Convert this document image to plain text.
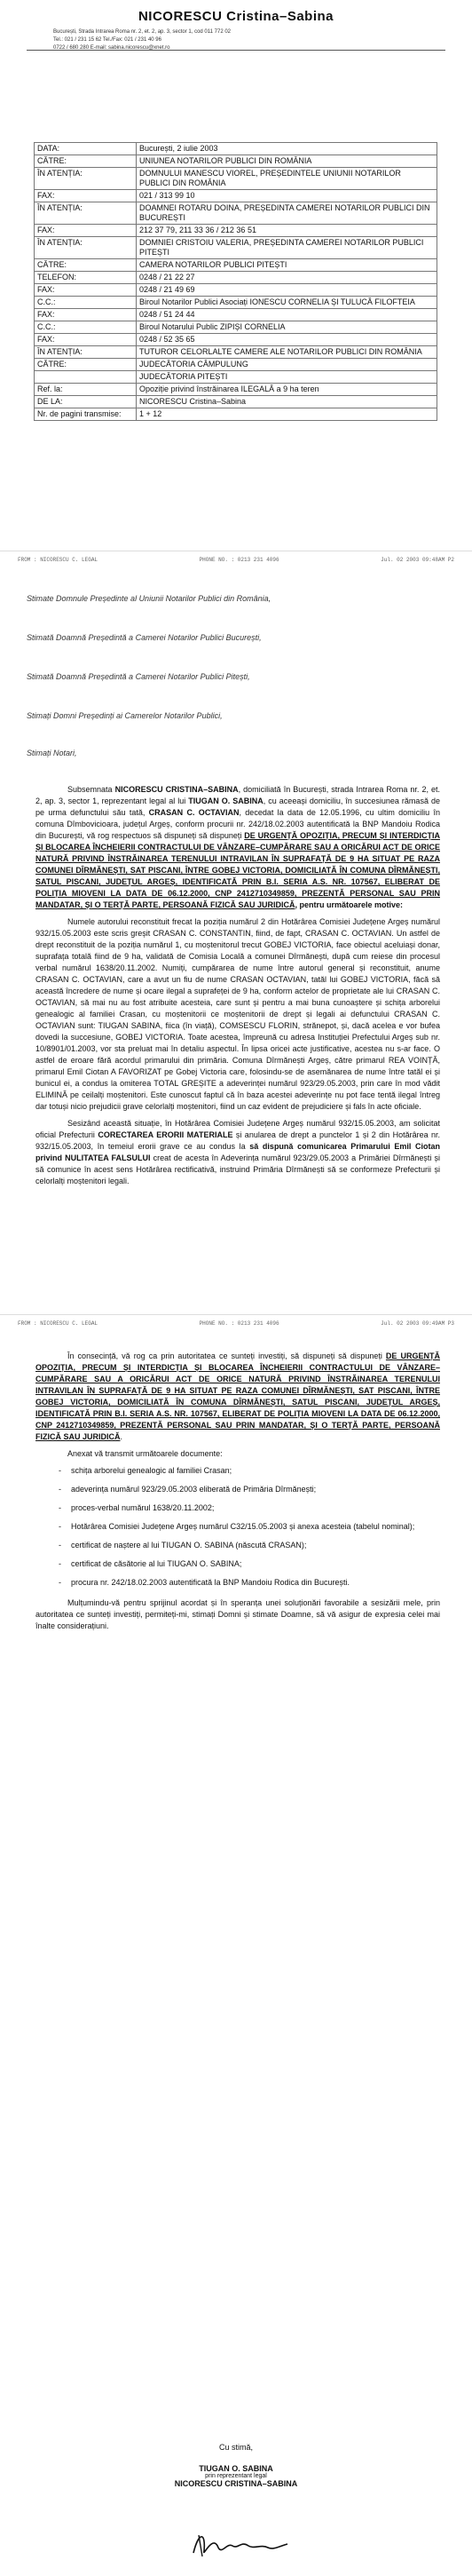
NICORESCU Cristina–Sabina
București, Strada Intrarea Roma nr. 2, et. 2, ap. 3, sector 1, cod 011 772 02
Tel.: 021 / 231 15 62 Tel./Fax: 021 / 231 40 96
0722 / 680 280 E-mail: sabina.nicorescu@xnet.ro
DATA:	București, 2 iulie 2003
CĂTRE:	UNIUNEA NOTARILOR PUBLICI DIN ROMÂNIA
ÎN ATENȚIA:	DOMNULUI MANESCU VIOREL, PREȘEDINTELE UNIUNII NOTARILOR PUBLICI DIN ROMÂNIA
FAX:	021 / 313 99 10
ÎN ATENȚIA:	DOAMNEI ROTARU DOINA, PREȘEDINTA CAMEREI NOTARILOR PUBLICI DIN BUCUREȘTI
FAX:	212 37 79, 211 33 36 / 212 36 51
ÎN ATENȚIA:	DOMNIEI CRISTOIU VALERIA, PREȘEDINTA CAMEREI NOTARILOR PUBLICI PITEȘTI
CĂTRE:	CAMERA NOTARILOR PUBLICI PITEȘTI
TELEFON:	0248 / 21 22 27
FAX:	0248 / 21 49 69
C.C.:	Biroul Notarilor Publici Asociați IONESCU CORNELIA ȘI TULUCĂ FILOFTEIA
FAX:	0248 / 51 24 44
C.C.:	Biroul Notarului Public ZIPIȘI CORNELIA
FAX:	0248 / 52 35 65
ÎN ATENȚIA:	TUTUROR CELORLALTE CAMERE ALE NOTARILOR PUBLICI DIN ROMÂNIA
CĂTRE:	JUDECĂTORIA CÂMPULUNG
	JUDECĂTORIA PITEȘTI
Ref. la:	Opoziție privind înstrăinarea ILEGALĂ a 9 ha teren
DE LA:	NICORESCU Cristina–Sabina
Nr. de pagini transmise:	1 + 12
FROM : NICORESCU C. LEGAL	PHONE NO. : 0213 231 4096	Jul. 02 2003 09:48AM P2
Stimate Domnule Președinte al Uniunii Notarilor Publici din România,
Stimată Doamnă Președintă a Camerei Notarilor Publici București,
Stimată Doamnă Președintă a Camerei Notarilor Publici Pitești,
Stimați Domni Președinți ai Camerelor Notarilor Publici,
Stimați Notari,

Subsemnata NICORESCU CRISTINA–SABINA, domiciliată în București, strada Intrarea Roma nr. 2, et. 2, ap. 3, sector 1, reprezentant legal al lui TIUGAN O. SABINA, cu aceeași domiciliu, în succesiunea rămasă de pe urma defunctului său tată, CRASAN C. OCTAVIAN, decedat la data de 12.05.1996, cu ultim domiciliu în comuna Dîmbovicioara, județul Argeș, conform procurii nr. 242/18.02.2003 autentificată la BNP Mandoiu Rodica din București, vă rog respectuos să dispuneți să dispuneți DE URGENȚĂ OPOZIȚIA, PRECUM ȘI INTERDICȚIA ȘI BLOCAREA ÎNCHEIERII CONTRACTULUI DE VÂNZARE–CUMPĂRARE SAU A ORICĂRUI ACT DE ORICE NATURĂ PRIVIND ÎNSTRĂINAREA TERENULUI INTRAVILAN ÎN SUPRAFAȚĂ DE 9 HA SITUAT PE RAZA COMUNEI DÎRMĂNEȘTI, SAT PISCANI, ÎNTRE GOBEJ VICTORIA, DOMICILIATĂ ÎN COMUNA DÎRMĂNEȘTI, SATUL PISCANI, JUDEȚUL ARGEȘ, IDENTIFICATĂ PRIN B.I. SERIA A.S. NR. 107567, ELIBERAT DE POLIȚIA MIOVENI LA DATA DE 06.12.2000, CNP 2412710349859, PREZENTĂ PERSONAL SAU PRIN MANDATAR, ȘI O TERȚĂ PARTE, PERSOANĂ FIZICĂ SAU JURIDICĂ, pentru următoarele motive:

Numele autorului reconstituit frecat la poziția numărul 2 din Hotărârea Comisiei Județene Argeș numărul 932/15.05.2003 este scris greșit CRASAN C. CONSTANTIN, fiind, de fapt, CRASAN C. OCTAVIAN. Un astfel de drept reconstituit de la poziția numărul 1, cu moștenitorul trecut GOBEJ VICTORIA, face obiectul aceluiași donar, suprafața totală fiind de 9 ha, validată de Comisia Locală a comunei Dîrmănești, după cum reiese din procesul verbal numărul 1638/20.11.2002. Numiți, cumpărarea de nume între autorul general și reconstituit, anume CRASAN C. OCTAVIAN, care a avut un fiu de nume CRASAN OCTAVIAN, tatăl lui GOBEJ VICTORIA, făcă să această încredere de nume și ocare ilegal a suprafeței de 9 ha, conform actelor de proprietate ale lui CRASAN C. OCTAVIAN, să mai nu au fost atribuite acesteia, care sunt și pentru a mai buna cunoaștere și schița arborelui genealogic al familiei Crasan, cu moștenitorii ce moștenitorii de drept și legali ai defunctului CRASAN C. OCTAVIAN sunt: TIUGAN SABINA, fiica (în viață), COMSESCU FLORIN, strănepot, și, dacă acelea e vor bufea dovedi la succesiune, GOBEJ VICTORIA. Toate acestea, împreună cu adresa Instituției Prefectului Argeș sub nr. 10/8901/01.2003, vor sta preluat mai în detaliu aspectul. În lipsa oricei acte justificative, acestea nu s-ar face. O astfel de eroare fără acordul primarului din primăria. Comuna Dîrmănești Argeș, către primarul REA VOINȚĂ, primarul Emil Ciotan A FAVORIZAT pe Gobej Victoria care, folosindu-se de asemănarea de nume între tatăl ei și bunicul ei, a condus la omiterea TOTAL GREȘITE a adeverinței numărul 923/29.05.2003, prin care în mod vădit ELIMINĂ pe ceilalți moștenitori. Este cunoscut faptul că în baza acestei adeverințe nu pot face tentă ilegal întreg dar totuși nicio prejudicii grave celorlalți moștenitori, fiind un caz evident de prejudiciere și fals în acte oficiale.

Sesizând această situație, în Hotărârea Comisiei Județene Argeș numărul 932/15.05.2003, am solicitat oficial Prefecturii CORECTAREA ERORII MATERIALE și anularea de drept a punctelor 1 și 2 din Hotărârea nr. 932/15.05.2003, în temeiul erorii grave ce au condus la să dispună comunicarea Primarului Emil Ciotan privind NULITATEA FALSULUI creat de acesta în Adeverința numărul 923/29.05.2003 a Primăriei Dîrmănești și să comunice în acest sens Hotărârea rectificativă, instruind Primăria Dîrmănești să se conformeze Prefecturii și celorlalți moștenitori legali.

FROM : NICORESCU C. LEGAL	PHONE NO. : 0213 231 4096	Jul. 02 2003 09:49AM P3

În consecință, vă rog ca prin autoritatea ce sunteți investiți, să dispuneți să dispuneți DE URGENȚĂ OPOZIȚIA, PRECUM ȘI INTERDICȚIA ȘI BLOCAREA ÎNCHEIERII CONTRACTULUI DE VÂNZARE–CUMPĂRARE SAU A ORICĂRUI ACT DE ORICE NATURĂ PRIVIND ÎNSTRĂINAREA TERENULUI INTRAVILAN ÎN SUPRAFAȚĂ DE 9 HA SITUAT PE RAZA COMUNEI DÎRMĂNEȘTI, SAT PISCANI, ÎNTRE GOBEJ VICTORIA, DOMICILIATĂ ÎN COMUNA DÎRMĂNEȘTI, SATUL PISCANI, JUDEȚUL ARGEȘ, IDENTIFICATĂ PRIN B.I. SERIA A.S. NR. 107567, ELIBERAT DE POLIȚIA MIOVENI LA DATA DE 06.12.2000, CNP 2412710349859, PREZENTĂ PERSONAL SAU PRIN MANDATAR, ȘI O TERȚĂ PARTE, PERSOANĂ FIZICĂ SAU JURIDICĂ.

Anexat vă transmit următoarele documente:

- schița arborelui genealogic al familiei Crasan;
- adeverința numărul 923/29.05.2003 eliberată de Primăria Dîrmănești;
- proces-verbal numărul 1638/20.11.2002;
- Hotărârea Comisiei Județene Argeș numărul C32/15.05.2003 și anexa acesteia (tabelul nominal);
- certificat de naștere al lui TIUGAN O. SABINA (născută CRASAN);
- certificat de căsătorie al lui TIUGAN O. SABINA;
- procura nr. 242/18.02.2003 autentificată la BNP Mandoiu Rodica din București.

Mulțumindu-vă pentru sprijinul acordat și în speranța unei soluționări favorabile a sesizării mele, prin autoritatea ce sunteți investiți, permiteți-mi, stimați Domni și stimate Doamne, să vă asigur de expresia celei mai înalte considerațiuni.

Cu stimă,
TIUGAN O. SABINA
prin reprezentant legal
NICORESCU CRISTINA–SABINA
